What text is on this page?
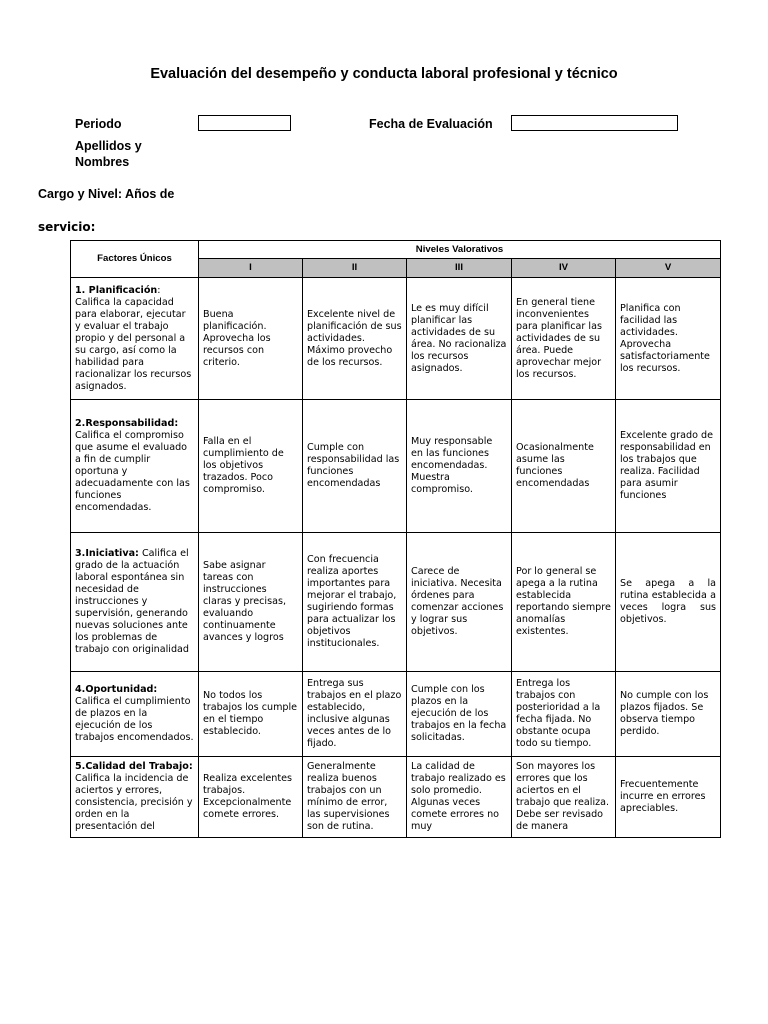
Evaluación del desempeño y conducta laboral profesional y técnico
Periodo	Fecha de Evaluación
Apellidos y Nombres
Cargo y Nivel: Años de
servicio:
Factores Únicos	Niveles Valorativos				
	I	II	III	IV	V
1. Planificación: Califica la capacidad para elaborar, ejecutar y evaluar el trabajo propio y del personal a su cargo, así como la habilidad para racionalizar los recursos asignados.	Buena planificación. Aprovecha los recursos con criterio.	Excelente nivel de planificación de sus actividades. Máximo provecho de los recursos.	Le es muy difícil planificar las actividades de su área. No racionaliza los recursos asignados.	En general tiene inconvenientes para planificar las actividades de su área. Puede aprovechar mejor los recursos.	Planifica con facilidad las actividades. Aprovecha satisfactoriamente los recursos.
2.Responsabilidad: Califica el compromiso que asume el evaluado a fin de cumplir oportuna y adecuadamente con las funciones encomendadas.	Falla en el cumplimiento de los objetivos trazados. Poco compromiso.	Cumple con responsabilidad las funciones encomendadas	Muy responsable en las funciones encomendadas. Muestra compromiso.	Ocasionalmente asume las funciones encomendadas	Excelente grado de responsabilidad en los trabajos que realiza. Facilidad para asumir funciones
3.Iniciativa: Califica el grado de la actuación laboral espontánea sin necesidad de instrucciones y supervisión, generando nuevas soluciones ante los problemas de trabajo con originalidad	Sabe asignar tareas con instrucciones claras y precisas, evaluando continuamente avances y logros	Con frecuencia realiza aportes importantes para mejorar el trabajo, sugiriendo formas para actualizar los objetivos institucionales.	Carece de iniciativa. Necesita órdenes para comenzar acciones y lograr sus objetivos.	Por lo general se apega a la rutina establecida reportando siempre anomalías existentes.	Se apega a la rutina establecida a veces logra sus objetivos.
4.Oportunidad: Califica el cumplimiento de plazos en la ejecución de los trabajos encomendados.	No todos los trabajos los cumple en el tiempo establecido.	Entrega sus trabajos en el plazo establecido, inclusive algunas veces antes de lo fijado.	Cumple con los plazos en la ejecución de los trabajos en la fecha solicitadas.	Entrega los trabajos con posterioridad a la fecha fijada. No obstante ocupa todo su tiempo.	No cumple con los plazos fijados. Se observa tiempo perdido.

5.Calidad del Trabajo: Califica la incidencia de aciertos y errores, consistencia, precisión y orden en la presentación del	Realiza excelentes trabajos. Excepcionalmente comete errores.	Generalmente realiza buenos trabajos con un mínimo de error, las supervisiones son de rutina.	La calidad de trabajo realizado es solo promedio. Algunas veces comete errores no muy	Son mayores los errores que los aciertos en el trabajo que realiza. Debe ser revisado de manera	Frecuentemente incurre en errores apreciables.
